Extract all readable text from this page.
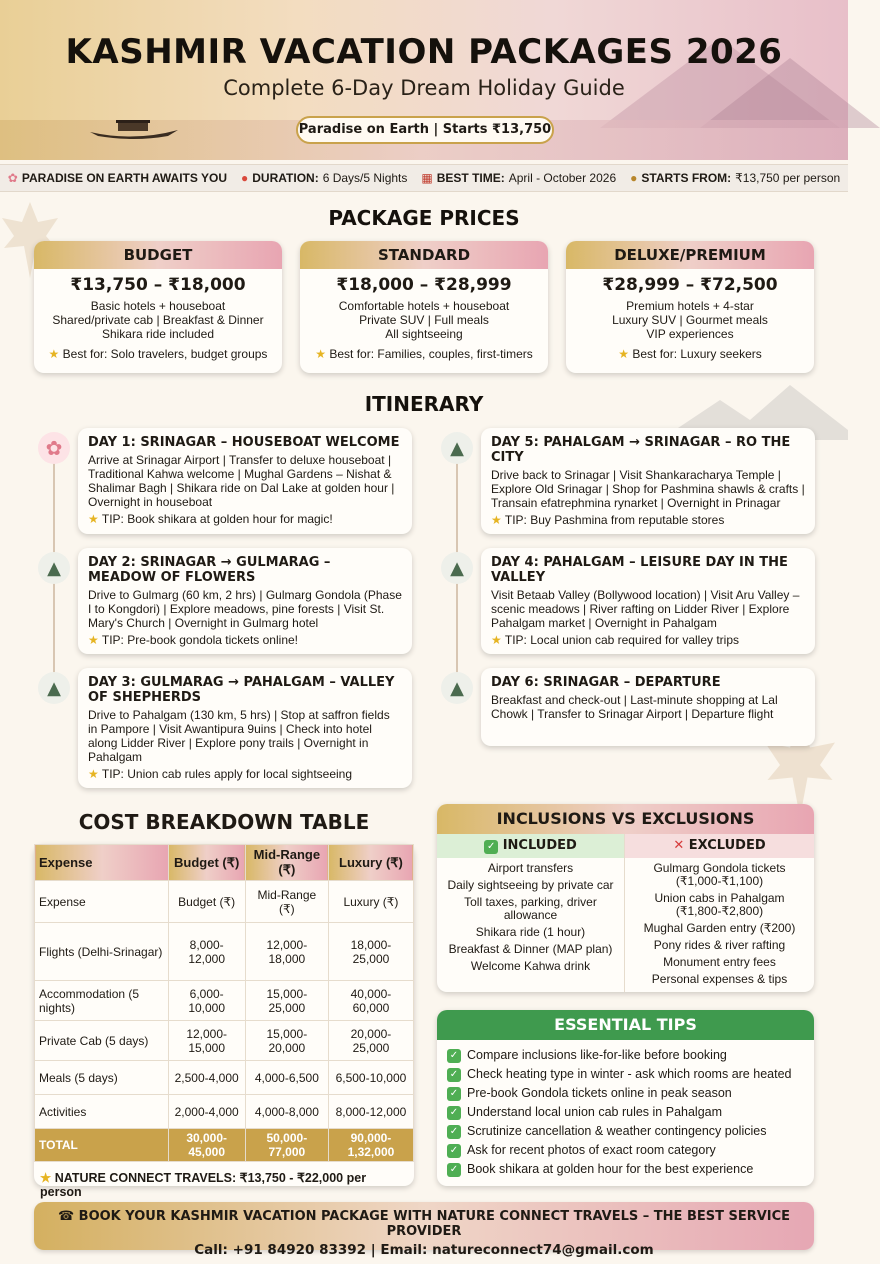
KASHMIR VACATION PACKAGES 2026
Complete 6-Day Dream Holiday Guide
Paradise on Earth | Starts ₹13,750
✿ PARADISE ON EARTH AWAITS YOU ● DURATION: 6 Days/5 Nights ▦ BEST TIME: April - October 2026 ● STARTS FROM: ₹13,750 per person
PACKAGE PRICES
BUDGET
₹13,750 – ₹18,000
Basic hotels + houseboat
Shared/private cab | Breakfast & Dinner
Shikara ride included
★ Best for: Solo travelers, budget groups
STANDARD
₹18,000 – ₹28,999
Comfortable hotels + houseboat
Private SUV | Full meals
All sightseeing
★ Best for: Families, couples, first-timers
DELUXE/PREMIUM
₹28,999 – ₹72,500
Premium hotels + 4-star
Luxury SUV | Gourmet meals
VIP experiences
★ Best for: Luxury seekers
ITINERARY
✿
▲
▲
▲
▲
▲
DAY 1: SRINAGAR – HOUSEBOAT WELCOME
Arrive at Srinagar Airport | Transfer to deluxe houseboat | Traditional Kahwa welcome | Mughal Gardens – Nishat & Shalimar Bagh | Shikara ride on Dal Lake at golden hour | Overnight in houseboat
★ TIP: Book shikara at golden hour for magic!
DAY 2: SRINAGAR → GULMARAG – MEADOW OF FLOWERS
Drive to Gulmarg (60 km, 2 hrs) | Gulmarg Gondola (Phase I to Kongdori) | Explore meadows, pine forests | Visit St. Mary's Church | Overnight in Gulmarg hotel
★ TIP: Pre-book gondola tickets online!
DAY 3: GULMARAG → PAHALGAM – VALLEY OF SHEPHERDS
Drive to Pahalgam (130 km, 5 hrs) | Stop at saffron fields in Pampore | Visit Awantipura 9uins | Check into hotel along Lidder River | Explore pony trails | Overnight in Pahalgam
★ TIP: Union cab rules apply for local sightseeing
DAY 5: PAHALGAM → SRINAGAR – RO THE CITY
Drive back to Srinagar | Visit Shankaracharya Temple | Explore Old Srinagar | Shop for Pashmina shawls & crafts | Transain efatrephmina rynarket | Overnight in Prinagar
★ TIP: Buy Pashmina from reputable stores
DAY 4: PAHALGAM – LEISURE DAY IN THE VALLEY
Visit Betaab Valley (Bollywood location) | Visit Aru Valley – scenic meadows | River rafting on Lidder River | Explore Pahalgam market | Overnight in Pahalgam
★ TIP: Local union cab required for valley trips
DAY 6: SRINAGAR – DEPARTURE
Breakfast and check-out | Last-minute shopping at Lal Chowk | Transfer to Srinagar Airport | Departure flight
COST BREAKDOWN TABLE
Expense	Budget (₹)	Mid-Range (₹)	Luxury (₹)
Expense	Budget (₹)	Mid-Range (₹)	Luxury (₹)
Flights (Delhi-Srinagar)	8,000-12,000	12,000-18,000	18,000-25,000
Accommodation (5 nights)	6,000-10,000	15,000-25,000	40,000-60,000
Private Cab (5 days)	12,000-15,000	15,000-20,000	20,000-25,000
Meals (5 days)	2,500-4,000	4,000-6,500	6,500-10,000
Activities	2,000-4,000	4,000-8,000	8,000-12,000
TOTAL	30,000-45,000	50,000-77,000	90,000-1,32,000
★ NATURE CONNECT TRAVELS: ₹13,750 - ₹22,000 per person
INCLUSIONS VS EXCLUSIONS
✓ INCLUDED
Airport transfers
Daily sightseeing by private car
Toll taxes, parking, driver allowance
Shikara ride (1 hour)
Breakfast & Dinner (MAP plan)
Welcome Kahwa drink
✕ EXCLUDED
Gulmarg Gondola tickets (₹1,000-₹1,100)
Union cabs in Pahalgam (₹1,800-₹2,800)
Mughal Garden entry (₹200)
Pony rides & river rafting
Monument entry fees
Personal expenses & tips
ESSENTIAL TIPS
✓ Compare inclusions like-for-like before booking
✓ Check heating type in winter - ask which rooms are heated
✓ Pre-book Gondola tickets online in peak season
✓ Understand local union cab rules in Pahalgam
✓ Scrutinize cancellation & weather contingency policies
✓ Ask for recent photos of exact room category
✓ Book shikara at golden hour for the best experience
☎ BOOK YOUR KASHMIR VACATION PACKAGE WITH NATURE CONNECT TRAVELS – THE BEST SERVICE PROVIDER
Call: +91 84920 83392 | Email: natureconnect74@gmail.com
